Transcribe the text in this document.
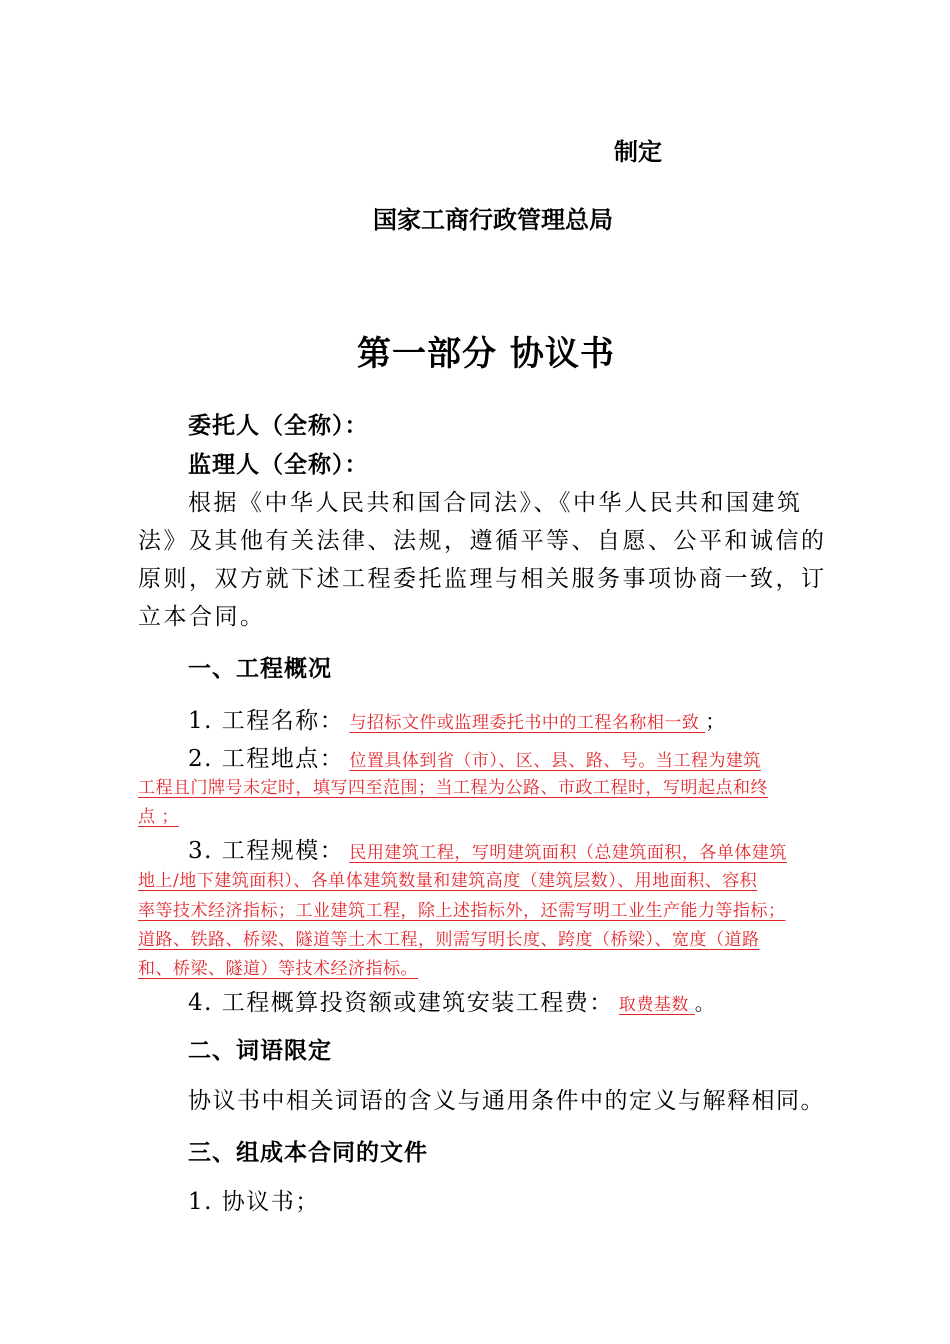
制定
国家工商行政管理总局
第一部分 协议书
委托人（全称）：
监理人（全称）：
根据《中华人民共和国合同法》、《中华人民共和国建筑
法》及其他有关法律、法规，遵循平等、自愿、公平和诚信的
原则，双方就下述工程委托监理与相关服务事项协商一致，订
立本合同。
一、工程概况
1. 工程名称： 与招标文件或监理委托书中的工程名称相一致 ；
2. 工程地点： 位置具体到省（市）、区、县、路、号。当工程为建筑
工程且门牌号未定时，填写四至范围；当工程为公路、市政工程时，写明起点和终
点 ；
3. 工程规模： 民用建筑工程，写明建筑面积（总建筑面积，各单体建筑
地上/地下建筑面积）、各单体建筑数量和建筑高度（建筑层数）、用地面积、容积
率等技术经济指标；工业建筑工程，除上述指标外，还需写明工业生产能力等指标；
道路、铁路、桥梁、隧道等土木工程，则需写明长度、跨度（桥梁）、宽度（道路
和、桥梁、隧道）等技术经济指标。
4. 工程概算投资额或建筑安装工程费： 取费基数 。
二、词语限定
协议书中相关词语的含义与通用条件中的定义与解释相同。
三、组成本合同的文件
1. 协议书；
